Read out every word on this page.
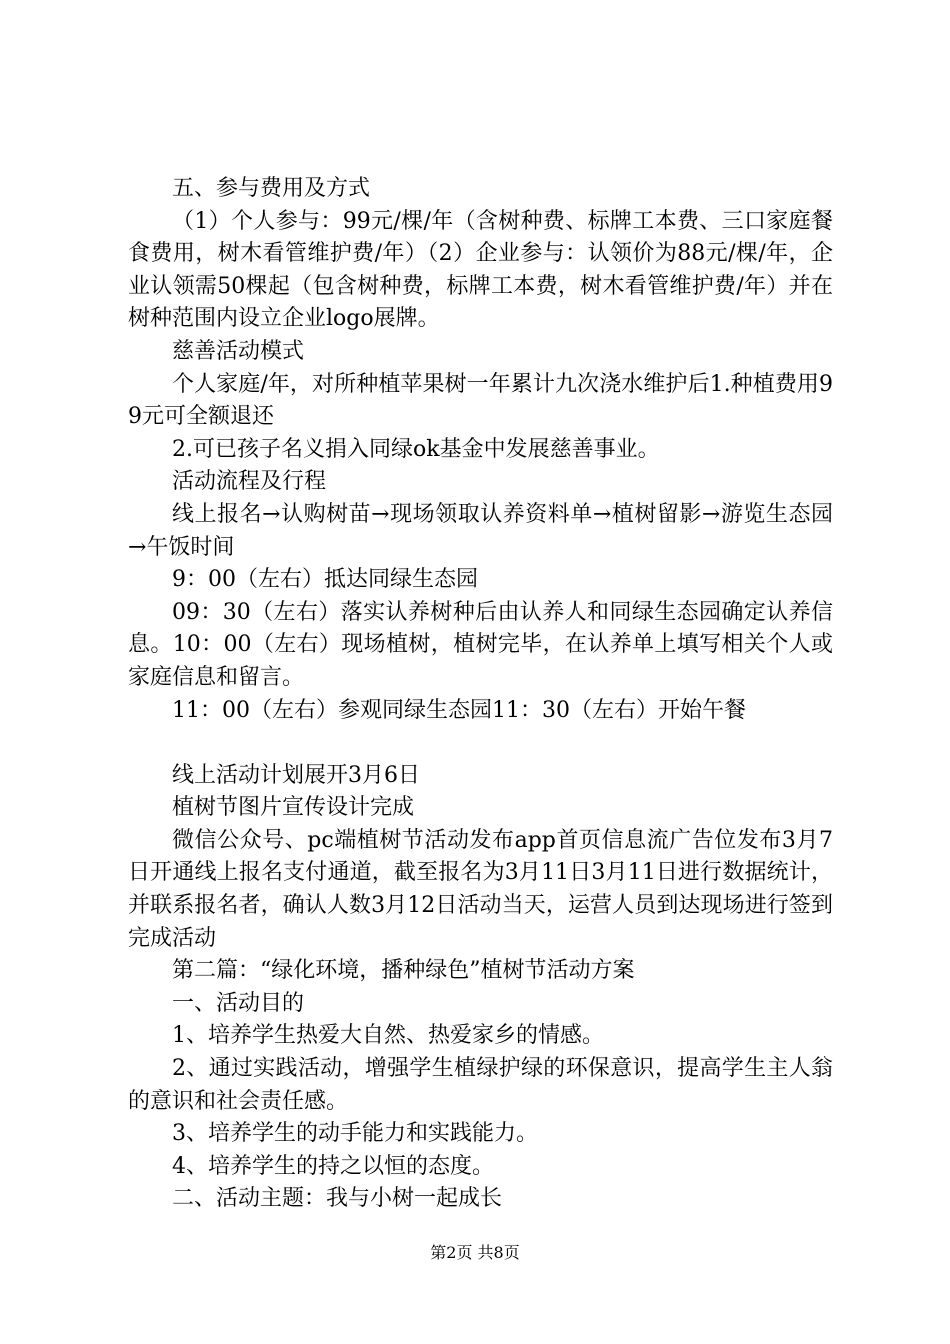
五、参与费用及方式

（1）个人参与：99元/棵/年（含树种费、标牌工本费、三口家庭餐食费用，树木看管维护费/年）（2）企业参与：认领价为88元/棵/年，企业认领需50棵起（包含树种费，标牌工本费，树木看管维护费/年）并在树种范围内设立企业logo展牌。

慈善活动模式

个人家庭/年，对所种植苹果树一年累计九次浇水维护后1.种植费用99元可全额退还

2.可已孩子名义捐入同绿ok基金中发展慈善事业。

活动流程及行程

线上报名→认购树苗→现场领取认养资料单→植树留影→游览生态园→午饭时间

9：00（左右）抵达同绿生态园

09：30（左右）落实认养树种后由认养人和同绿生态园确定认养信息。10：00（左右）现场植树，植树完毕，在认养单上填写相关个人或家庭信息和留言。

11：00（左右）参观同绿生态园11：30（左右）开始午餐

线上活动计划展开3月6日

植树节图片宣传设计完成

微信公众号、pc端植树节活动发布app首页信息流广告位发布3月7日开通线上报名支付通道，截至报名为3月11日3月11日进行数据统计，并联系报名者，确认人数3月12日活动当天，运营人员到达现场进行签到完成活动

第二篇：“绿化环境，播种绿色”植树节活动方案

一、活动目的

1、培养学生热爱大自然、热爱家乡的情感。

2、通过实践活动，增强学生植绿护绿的环保意识，提高学生主人翁的意识和社会责任感。

3、培养学生的动手能力和实践能力。

4、培养学生的持之以恒的态度。

二、活动主题：我与小树一起成长

第2页 共8页
